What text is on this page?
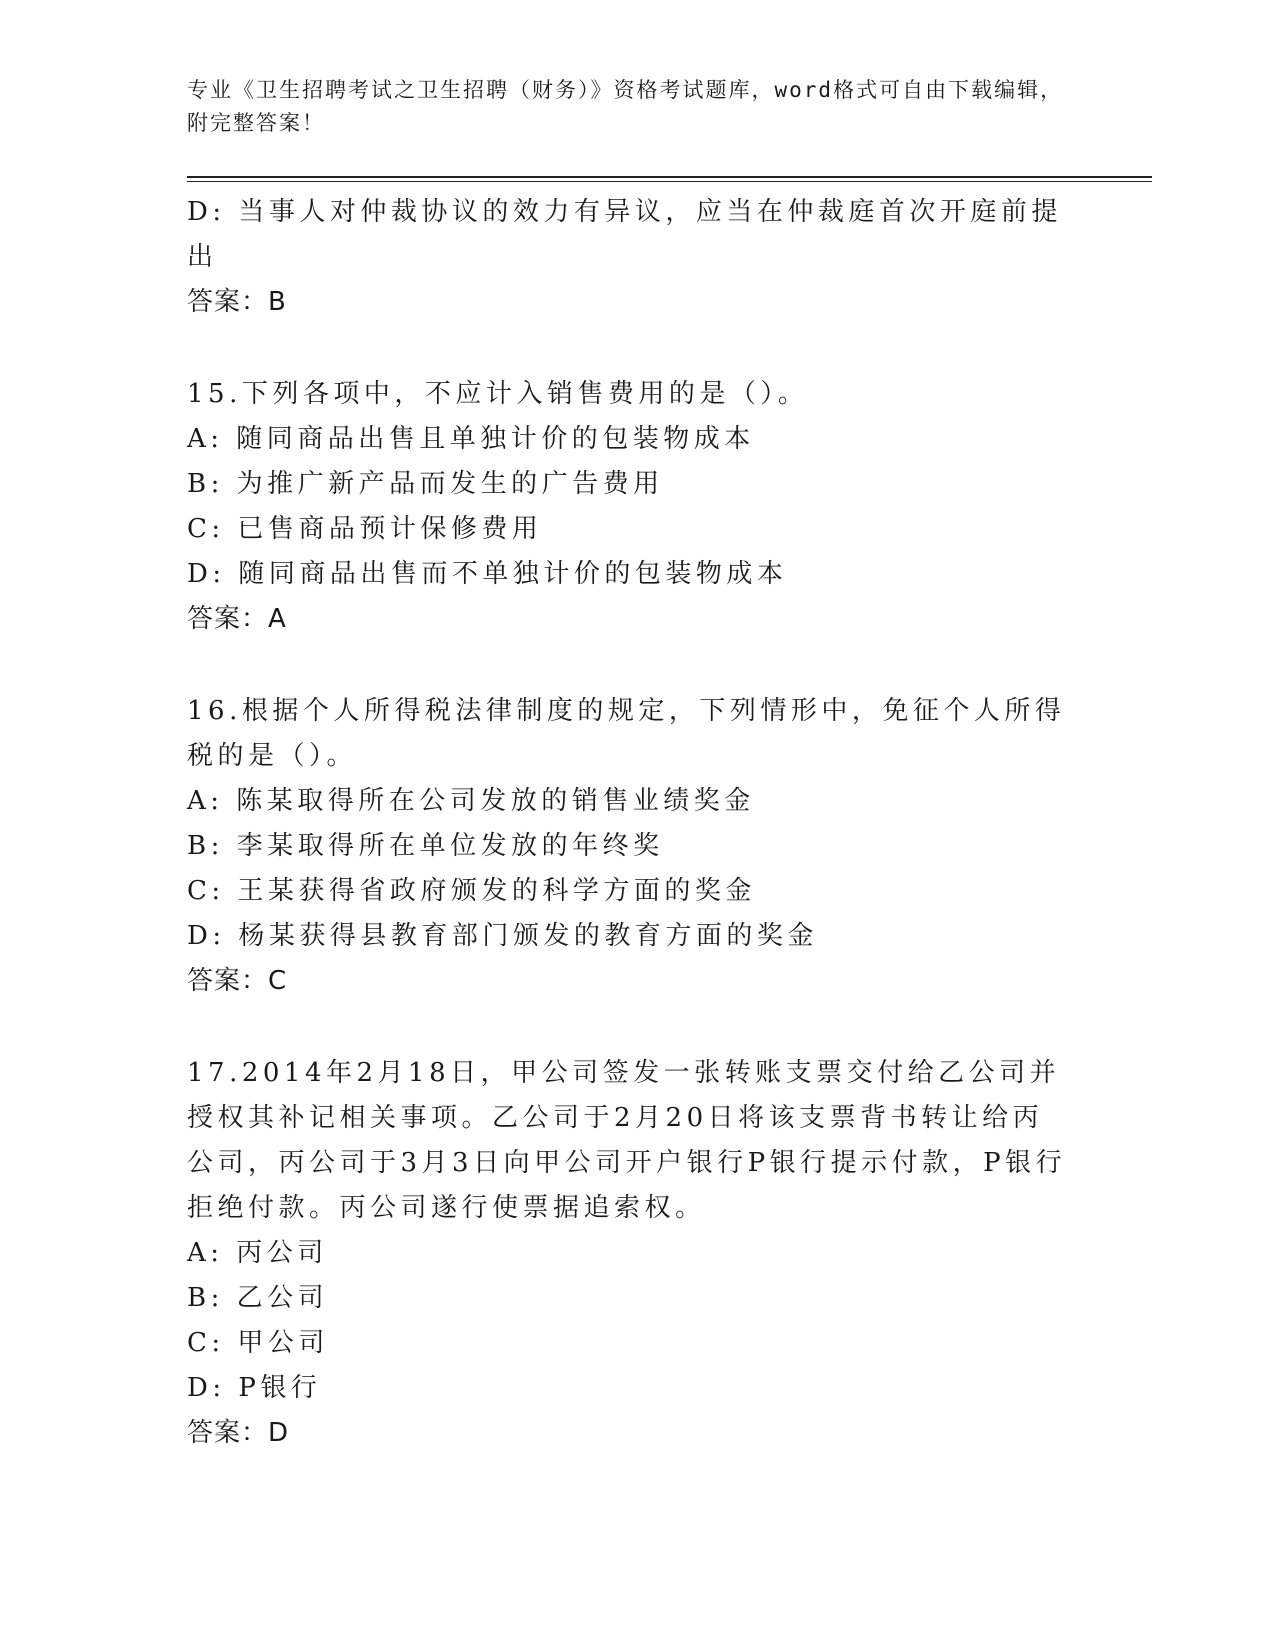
专业《卫生招聘考试之卫生招聘（财务）》资格考试题库，word格式可自由下载编辑，附完整答案！

D: 当事人对仲裁协议的效力有异议，应当在仲裁庭首次开庭前提出

答案：B

15.下列各项中，不应计入销售费用的是（）。

A: 随同商品出售且单独计价的包装物成本

B: 为推广新产品而发生的广告费用

C: 已售商品预计保修费用

D: 随同商品出售而不单独计价的包装物成本

答案：A

16.根据个人所得税法律制度的规定，下列情形中，免征个人所得税的是（）。

A: 陈某取得所在公司发放的销售业绩奖金

B: 李某取得所在单位发放的年终奖

C: 王某获得省政府颁发的科学方面的奖金

D: 杨某获得县教育部门颁发的教育方面的奖金

答案：C

17.2014年2月18日，甲公司签发一张转账支票交付给乙公司并授权其补记相关事项。乙公司于2月20日将该支票背书转让给丙公司，丙公司于3月3日向甲公司开户银行P银行提示付款，P银行拒绝付款。丙公司遂行使票据追索权。

A: 丙公司

B: 乙公司

C: 甲公司

D: P银行

答案：D
